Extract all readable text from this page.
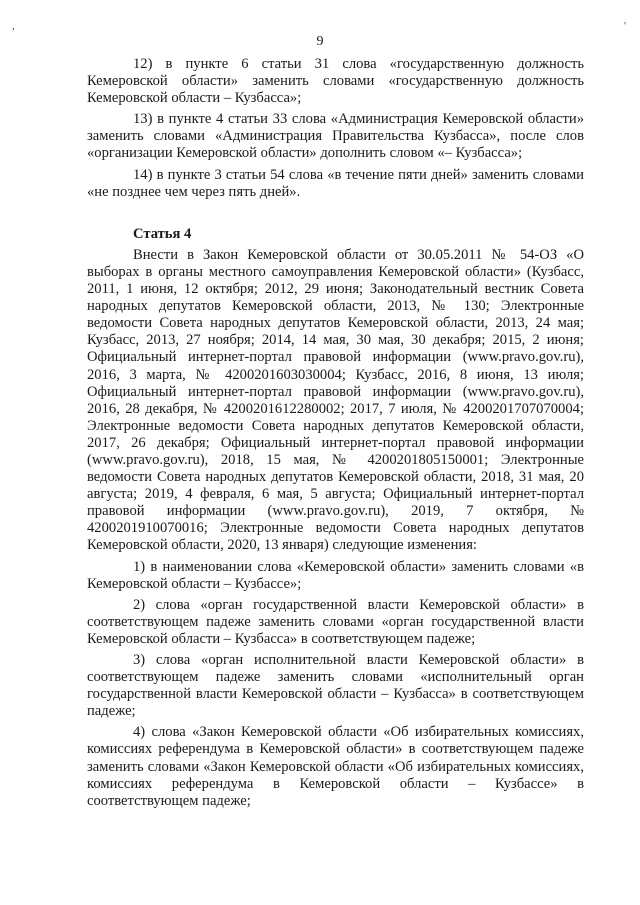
,	'
9

12) в пункте 6 статьи 31 слова «государственную должность Кемеровской области» заменить словами «государственную должность Кемеровской области – Кузбасса»;

13) в пункте 4 статьи 33 слова «Администрация Кемеровской области» заменить словами «Администрация Правительства Кузбасса», после слов «организации Кемеровской области» дополнить словом «– Кузбасса»;

14) в пункте 3 статьи 54 слова «в течение пяти дней» заменить словами «не позднее чем через пять дней».

Статья 4

Внести в Закон Кемеровской области от 30.05.2011 № 54-ОЗ «О выборах в органы местного самоуправления Кемеровской области» (Кузбасс, 2011, 1 июня, 12 октября; 2012, 29 июня; Законодательный вестник Совета народных депутатов Кемеровской области, 2013, № 130; Электронные ведомости Совета народных депутатов Кемеровской области, 2013, 24 мая; Кузбасс, 2013, 27 ноября; 2014, 14 мая, 30 мая, 30 декабря; 2015, 2 июня; Официальный интернет-портал правовой информации (www.pravo.gov.ru), 2016, 3 марта, № 4200201603030004; Кузбасс, 2016, 8 июня, 13 июля; Официальный интернет-портал правовой информации (www.pravo.gov.ru), 2016, 28 декабря, № 4200201612280002; 2017, 7 июля, № 4200201707070004; Электронные ведомости Совета народных депутатов Кемеровской области, 2017, 26 декабря; Официальный интернет-портал правовой информации (www.pravo.gov.ru), 2018, 15 мая, № 4200201805150001; Электронные ведомости Совета народных депутатов Кемеровской области, 2018, 31 мая, 20 августа; 2019, 4 февраля, 6 мая, 5 августа; Официальный интернет-портал правовой информации (www.pravo.gov.ru), 2019, 7 октября, № 4200201910070016; Электронные ведомости Совета народных депутатов Кемеровской области, 2020, 13 января) следующие изменения:

1) в наименовании слова «Кемеровской области» заменить словами «в Кемеровской области – Кузбассе»;

2) слова «орган государственной власти Кемеровской области» в соответствующем падеже заменить словами «орган государственной власти Кемеровской области – Кузбасса» в соответствующем падеже;

3) слова «орган исполнительной власти Кемеровской области» в соответствующем падеже заменить словами «исполнительный орган государственной власти Кемеровской области – Кузбасса» в соответствующем падеже;

4) слова «Закон Кемеровской области «Об избирательных комиссиях, комиссиях референдума в Кемеровской области» в соответствующем падеже заменить словами «Закон Кемеровской области «Об избирательных комиссиях, комиссиях референдума в Кемеровской области – Кузбассе» в соответствующем падеже;
